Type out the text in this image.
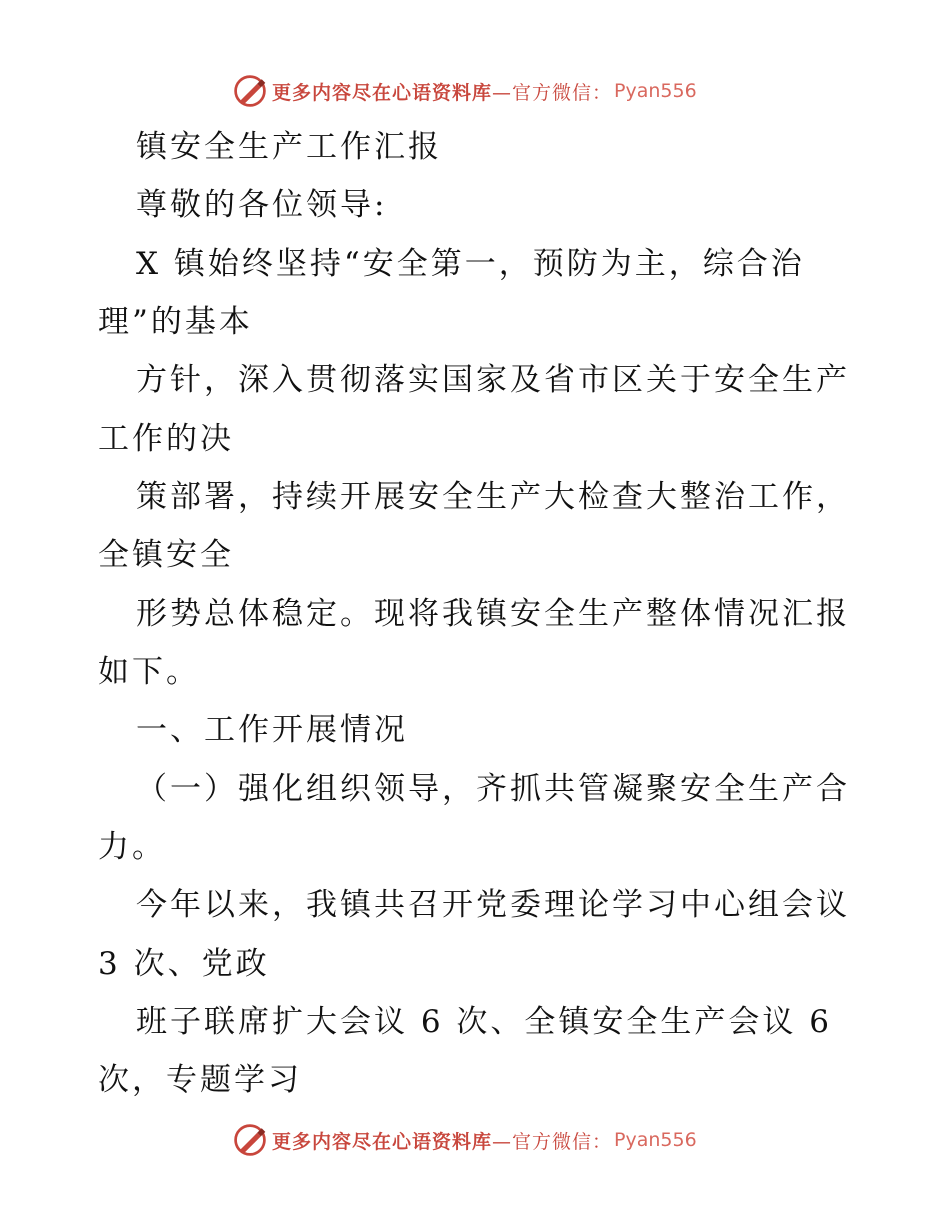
更多内容尽在心语资料库 —官方微信： Pyan556
镇安全生产工作汇报
尊敬的各位领导:
X 镇始终坚持“安全第一，预防为主，综合治
理”的基本
方针，深入贯彻落实国家及省市区关于安全生产
工作的决
策部署，持续开展安全生产大检查大整治工作，
全镇安全
形势总体稳定。现将我镇安全生产整体情况汇报
如下。
一、工作开展情况
（一）强化组织领导，齐抓共管凝聚安全生产合
力。
今年以来，我镇共召开党委理论学习中心组会议
3 次、党政
班子联席扩大会议 6 次、全镇安全生产会议 6
次，专题学习
更多内容尽在心语资料库 —官方微信： Pyan556
